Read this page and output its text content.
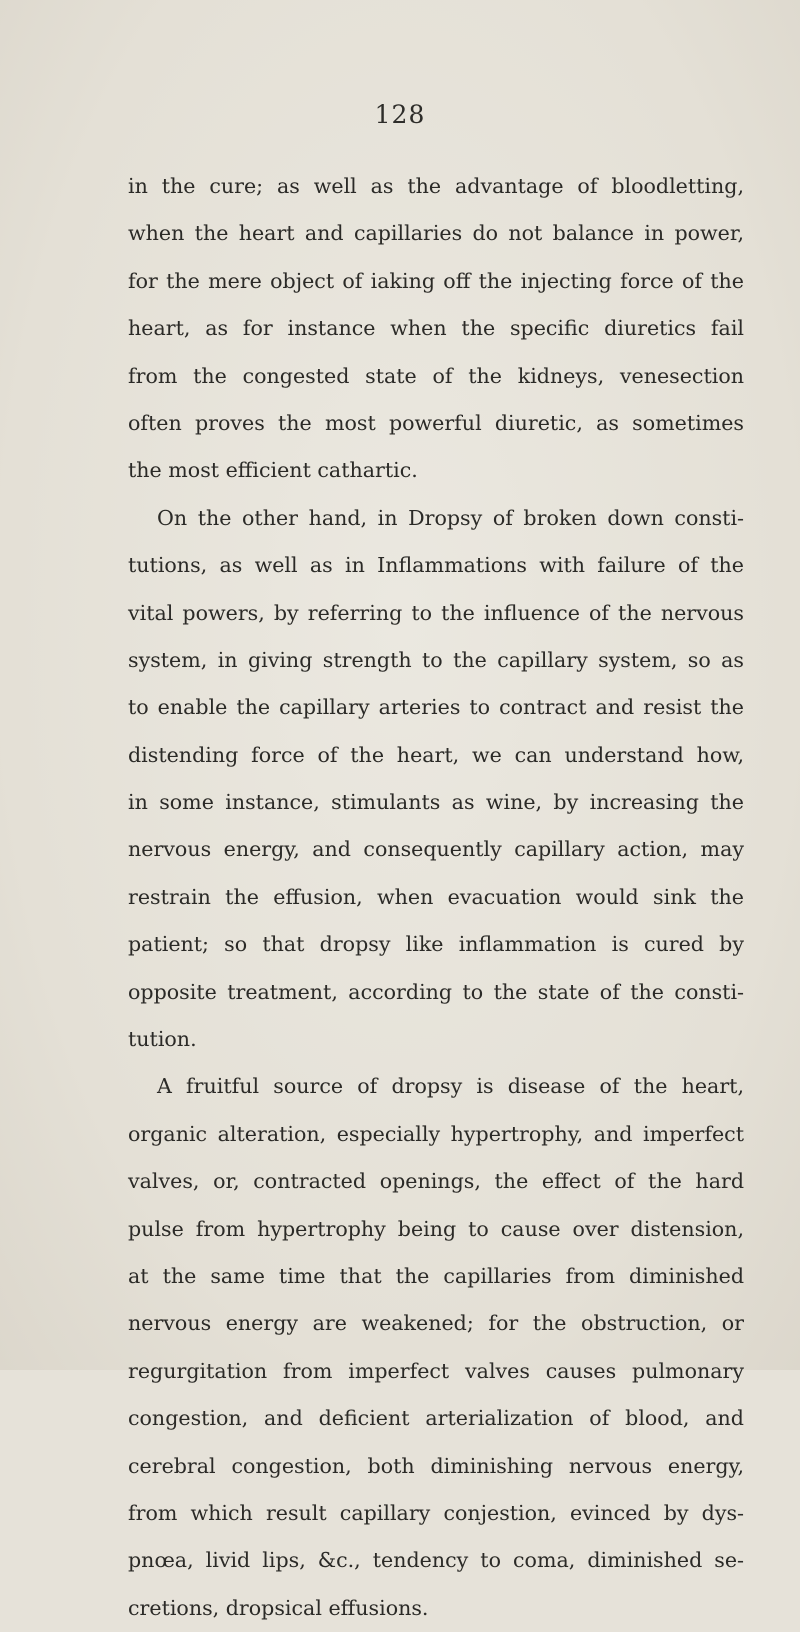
128
in the cure; as well as the advantage of bloodletting,
when the heart and capillaries do not balance in power,
for the mere object of iaking off the injecting force of the
heart, as for instance when the specific diuretics fail
from the congested state of the kidneys, venesection
often proves the most powerful diuretic, as sometimes
the most efficient cathartic.
On the other hand, in Dropsy of broken down consti-
tutions, as well as in Inflammations with failure of the
vital powers, by referring to the influence of the nervous
system, in giving strength to the capillary system, so as
to enable the capillary arteries to contract and resist the
distending force of the heart, we can understand how,
in some instance, stimulants as wine, by increasing the
nervous energy, and consequently capillary action, may
restrain the effusion, when evacuation would sink the
patient; so that dropsy like inflammation is cured by
opposite treatment, according to the state of the consti-
tution.
A fruitful source of dropsy is disease of the heart,
organic alteration, especially hypertrophy, and imperfect
valves, or, contracted openings, the effect of the hard
pulse from hypertrophy being to cause over distension,
at the same time that the capillaries from diminished
nervous energy are weakened; for the obstruction, or
regurgitation from imperfect valves causes pulmonary
congestion, and deficient arterialization of blood, and
cerebral congestion, both diminishing nervous energy,
from which result capillary conjestion, evinced by dys-
pnœa, livid lips, &c., tendency to coma, diminished se-
cretions, dropsical effusions.
